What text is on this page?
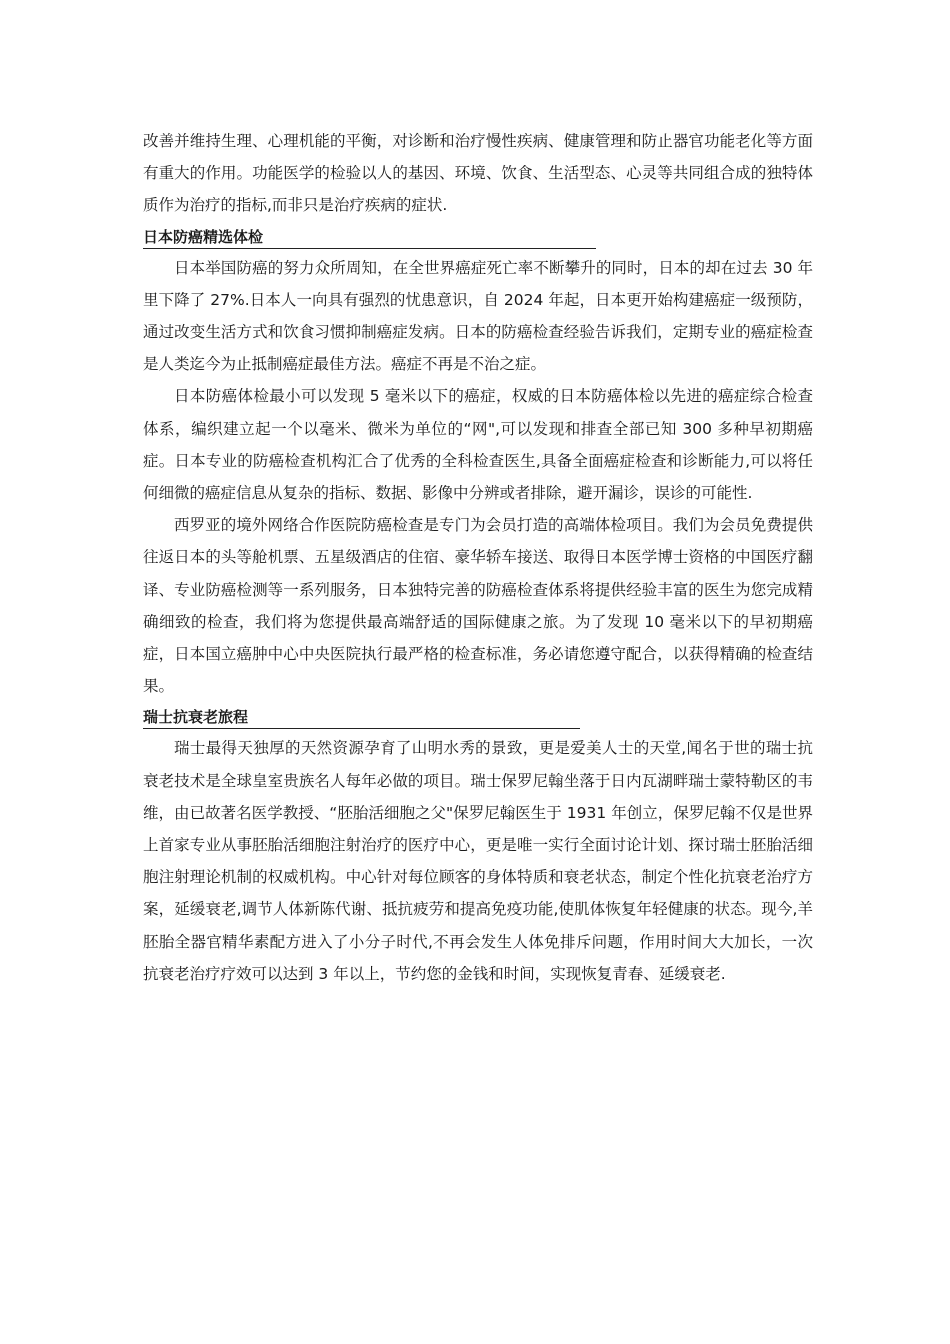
改善并维持生理、心理机能的平衡，对诊断和治疗慢性疾病、健康管理和防止器官功能老化等方面有重大的作用。功能医学的检验以人的基因、环境、饮食、生活型态、心灵等共同组合成的独特体质作为治疗的指标,而非只是治疗疾病的症状.

日本防癌精选体检

日本举国防癌的努力众所周知，在全世界癌症死亡率不断攀升的同时，日本的却在过去 30 年里下降了 27%.日本人一向具有强烈的忧患意识，自 2024 年起，日本更开始构建癌症一级预防，通过改变生活方式和饮食习惯抑制癌症发病。日本的防癌检查经验告诉我们，定期专业的癌症检查是人类迄今为止抵制癌症最佳方法。癌症不再是不治之症。

日本防癌体检最小可以发现 5 毫米以下的癌症，权威的日本防癌体检以先进的癌症综合检查体系，编织建立起一个以毫米、微米为单位的“网",可以发现和排查全部已知 300 多种早初期癌症。日本专业的防癌检查机构汇合了优秀的全科检查医生,具备全面癌症检查和诊断能力,可以将任何细微的癌症信息从复杂的指标、数据、影像中分辨或者排除，避开漏诊，误诊的可能性.

西罗亚的境外网络合作医院防癌检查是专门为会员打造的高端体检项目。我们为会员免费提供往返日本的头等舱机票、五星级酒店的住宿、豪华轿车接送、取得日本医学博士资格的中国医疗翻译、专业防癌检测等一系列服务，日本独特完善的防癌检查体系将提供经验丰富的医生为您完成精确细致的检查，我们将为您提供最高端舒适的国际健康之旅。为了发现 10 毫米以下的早初期癌症，日本国立癌肿中心中央医院执行最严格的检查标准，务必请您遵守配合，以获得精确的检查结果。

瑞士抗衰老旅程

瑞士最得天独厚的天然资源孕育了山明水秀的景致，更是爱美人士的天堂,闻名于世的瑞士抗衰老技术是全球皇室贵族名人每年必做的项目。瑞士保罗尼翰坐落于日内瓦湖畔瑞士蒙特勒区的韦维，由已故著名医学教授、“胚胎活细胞之父"保罗尼翰医生于 1931 年创立，保罗尼翰不仅是世界上首家专业从事胚胎活细胞注射治疗的医疗中心，更是唯一实行全面讨论计划、探讨瑞士胚胎活细胞注射理论机制的权威机构。中心针对每位顾客的身体特质和衰老状态，制定个性化抗衰老治疗方案，延缓衰老,调节人体新陈代谢、抵抗疲劳和提高免疫功能,使肌体恢复年轻健康的状态。现今,羊胚胎全器官精华素配方进入了小分子时代,不再会发生人体免排斥问题，作用时间大大加长，一次抗衰老治疗疗效可以达到 3 年以上，节约您的金钱和时间，实现恢复青春、延缓衰老.
